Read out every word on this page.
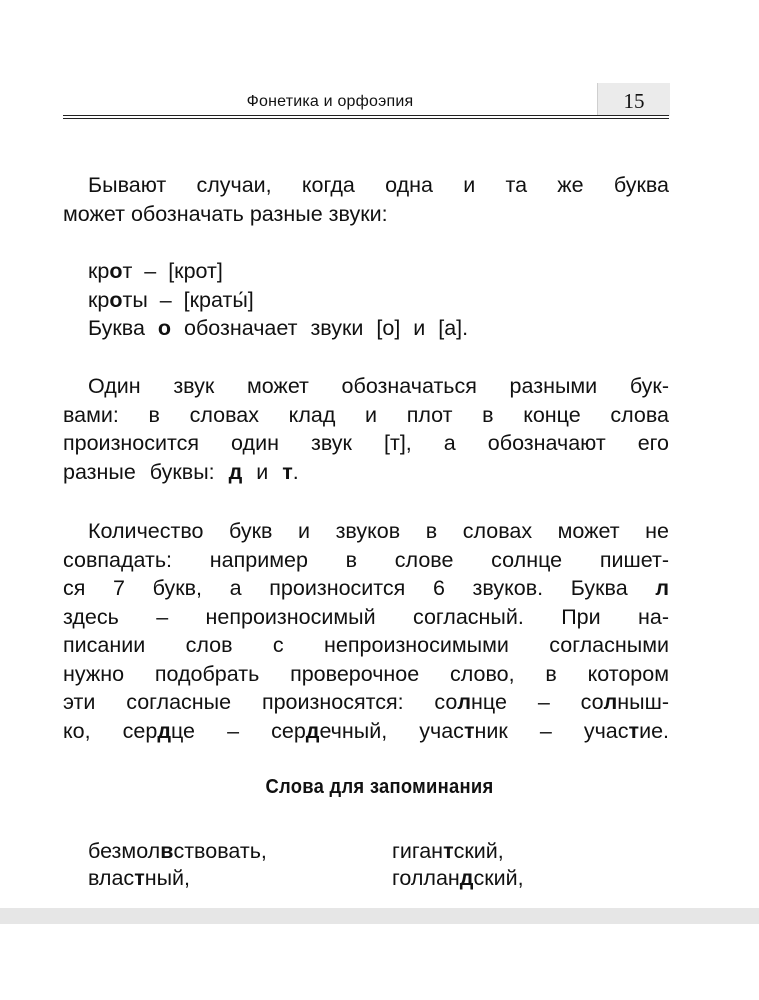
Фонетика и орфоэпия	15
Бывают случаи, когда одна и та же буква
может обозначать разные звуки:
крот  –  [крот]
кроты  –  [краты́]
Буква о обозначает звуки [о] и [а].
Один звук может обозначаться разными бук-
вами: в словах клад и плот в конце слова
произносится один звук [т], а обозначают его
разные буквы: д и т.
Количество букв и звуков в словах может не
совпадать: например в слове солнце пишет-
ся 7 букв, а произносится 6 звуков. Буква л
здесь – непроизносимый согласный. При на-
писании слов с непроизносимыми согласными
нужно подобрать проверочное слово, в котором
эти согласные произносятся: солнце – солныш-
ко, сердце – сердечный, участник – участие.
Слова для запоминания
безмолвствовать,
властный,
гигантский,
голландский,
